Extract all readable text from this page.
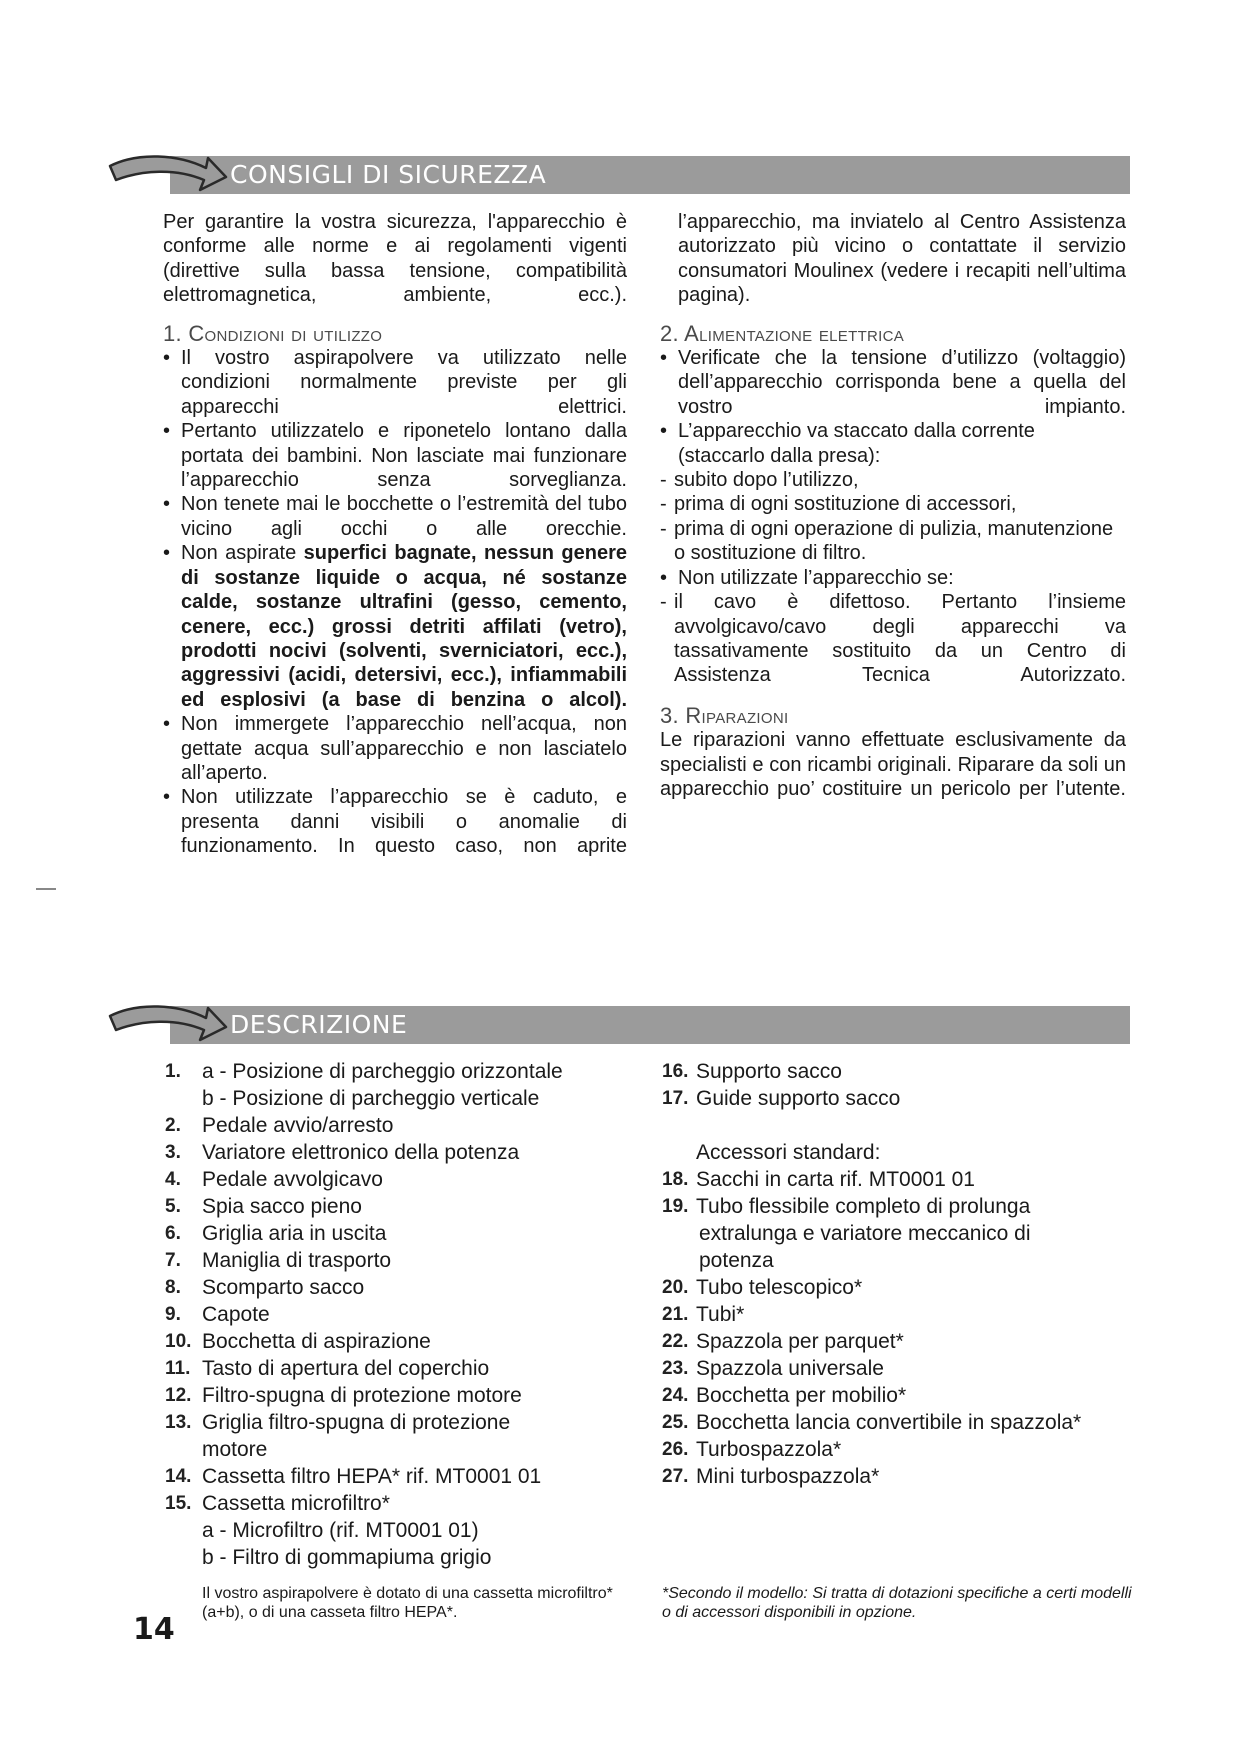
CONSIGLI DI SICUREZZA
Per garantire la vostra sicurezza, l'apparecchio è conforme alle norme e ai regolamenti vigenti (direttive sulla bassa tensione, compatibilità elettromagnetica, ambiente, ecc.).
1. Condizioni di utilizzo
• Il vostro aspirapolvere va utilizzato nelle condizioni normalmente previste per gli apparecchi elettrici.
• Pertanto utilizzatelo e riponetelo lontano dalla portata dei bambini. Non lasciate mai funzionare l’apparecchio senza sorveglianza.
• Non tenete mai le bocchette o l’estremità del tubo vicino agli occhi o alle orecchie.
• Non aspirate superfici bagnate, nessun genere di sostanze liquide o acqua, né sostanze calde, sostanze ultrafini (gesso, cemento, cenere, ecc.) grossi detriti affilati (vetro), prodotti nocivi (solventi, sverniciatori, ecc.), aggressivi (acidi, detersivi, ecc.), infiammabili ed esplosivi (a base di benzina o alcol).
• Non immergete l’apparecchio nell’acqua, non gettate acqua sull’apparecchio e non lasciatelo all’aperto.
• Non utilizzate l’apparecchio se è caduto, e presenta danni visibili o anomalie di funzionamento. In questo caso, non aprite
l’apparecchio, ma inviatelo al Centro Assistenza autorizzato più vicino o contattate il servizio consumatori Moulinex (vedere i recapiti nell’ultima pagina).
2. Alimentazione elettrica
• Verificate che la tensione d’utilizzo (voltaggio) dell’apparecchio corrisponda bene a quella del vostro impianto.
• L’apparecchio va staccato dalla corrente (staccarlo dalla presa):
- subito dopo l’utilizzo,
- prima di ogni sostituzione di accessori,
- prima di ogni operazione di pulizia, manutenzione o sostituzione di filtro.
• Non utilizzate l’apparecchio se:
- il cavo è difettoso. Pertanto l’insieme avvolgicavo/cavo degli apparecchi va tassativamente sostituito da un Centro di Assistenza Tecnica Autorizzato.
3. Riparazioni
Le riparazioni vanno effettuate esclusivamente da specialisti e con ricambi originali. Riparare da soli un apparecchio puo’ costituire un pericolo per l’utente.
DESCRIZIONE
1. a - Posizione di parcheggio orizzontale
b - Posizione di parcheggio verticale
2. Pedale avvio/arresto
3. Variatore elettronico della potenza
4. Pedale avvolgicavo
5. Spia sacco pieno
6. Griglia aria in uscita
7. Maniglia di trasporto
8. Scomparto sacco
9. Capote
10. Bocchetta di aspirazione
11. Tasto di apertura del coperchio
12. Filtro-spugna di protezione motore
13. Griglia filtro-spugna di protezione
motore
14. Cassetta filtro HEPA* rif. MT0001 01
15. Cassetta microfiltro*
a - Microfiltro (rif. MT0001 01)
b - Filtro di gommapiuma grigio
Il vostro aspirapolvere è dotato di una cassetta microfiltro* (a+b), o di una casseta filtro HEPA*.
16. Supporto sacco
17. Guide supporto sacco
Accessori standard:
18. Sacchi in carta rif. MT0001 01
19. Tubo flessibile completo di prolunga
extralunga e variatore meccanico di
potenza
20. Tubo telescopico*
21. Tubi*
22. Spazzola per parquet*
23. Spazzola universale
24. Bocchetta per mobilio*
25. Bocchetta lancia convertibile in spazzola*
26. Turbospazzola*
27. Mini turbospazzola*
*Secondo il modello: Si tratta di dotazioni specifiche a certi modelli o di accessori disponibili in opzione.
14
